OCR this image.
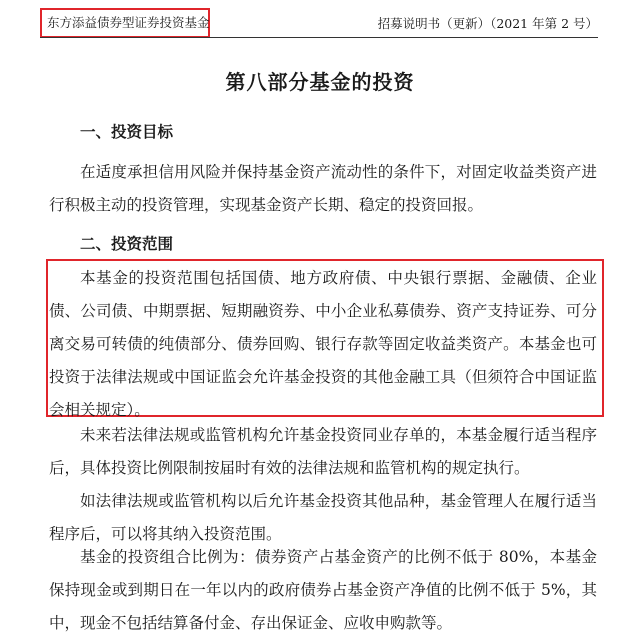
东方添益债券型证券投资基金	招募说明书（更新）（2021 年第 2 号）
第八部分基金的投资
一、投资目标
在适度承担信用风险并保持基金资产流动性的条件下，对固定收益类资产进行积极主动的投资管理，实现基金资产长期、稳定的投资回报。
二、投资范围
本基金的投资范围包括国债、地方政府债、中央银行票据、金融债、企业债、公司债、中期票据、短期融资券、中小企业私募债券、资产支持证券、可分离交易可转债的纯债部分、债券回购、银行存款等固定收益类资产。本基金也可投资于法律法规或中国证监会允许基金投资的其他金融工具（但须符合中国证监会相关规定）。
未来若法律法规或监管机构允许基金投资同业存单的，本基金履行适当程序后，具体投资比例限制按届时有效的法律法规和监管机构的规定执行。
如法律法规或监管机构以后允许基金投资其他品种，基金管理人在履行适当程序后，可以将其纳入投资范围。
基金的投资组合比例为：债券资产占基金资产的比例不低于 80%，本基金保持现金或到期日在一年以内的政府债券占基金资产净值的比例不低于 5%，其中，现金不包括结算备付金、存出保证金、应收申购款等。
